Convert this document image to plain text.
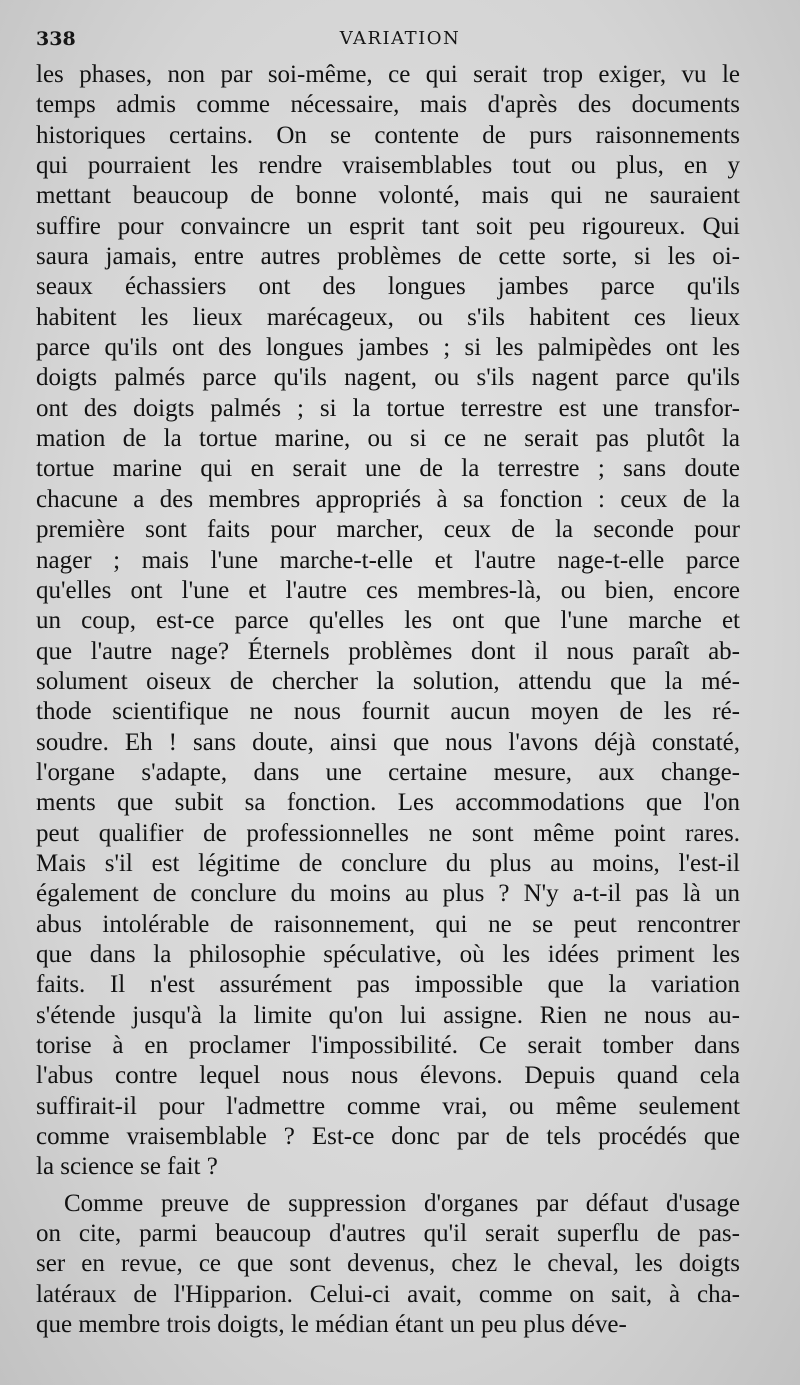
338	VARIATION
les phases, non par soi-même, ce qui serait trop exiger, vu le
temps admis comme nécessaire, mais d'après des documents
historiques certains. On se contente de purs raisonnements
qui pourraient les rendre vraisemblables tout ou plus, en y
mettant beaucoup de bonne volonté, mais qui ne sauraient
suffire pour convaincre un esprit tant soit peu rigoureux. Qui
saura jamais, entre autres problèmes de cette sorte, si les oi-
seaux échassiers ont des longues jambes parce qu'ils
habitent les lieux marécageux, ou s'ils habitent ces lieux
parce qu'ils ont des longues jambes ; si les palmipèdes ont les
doigts palmés parce qu'ils nagent, ou s'ils nagent parce qu'ils
ont des doigts palmés ; si la tortue terrestre est une transfor-
mation de la tortue marine, ou si ce ne serait pas plutôt la
tortue marine qui en serait une de la terrestre ; sans doute
chacune a des membres appropriés à sa fonction : ceux de la
première sont faits pour marcher, ceux de la seconde pour
nager ; mais l'une marche-t-elle et l'autre nage-t-elle parce
qu'elles ont l'une et l'autre ces membres-là, ou bien, encore
un coup, est-ce parce qu'elles les ont que l'une marche et
que l'autre nage? Éternels problèmes dont il nous paraît ab-
solument oiseux de chercher la solution, attendu que la mé-
thode scientifique ne nous fournit aucun moyen de les ré-
soudre. Eh ! sans doute, ainsi que nous l'avons déjà constaté,
l'organe s'adapte, dans une certaine mesure, aux change-
ments que subit sa fonction. Les accommodations que l'on
peut qualifier de professionnelles ne sont même point rares.
Mais s'il est légitime de conclure du plus au moins, l'est-il
également de conclure du moins au plus ? N'y a-t-il pas là un
abus intolérable de raisonnement, qui ne se peut rencontrer
que dans la philosophie spéculative, où les idées priment les
faits. Il n'est assurément pas impossible que la variation
s'étende jusqu'à la limite qu'on lui assigne. Rien ne nous au-
torise à en proclamer l'impossibilité. Ce serait tomber dans
l'abus contre lequel nous nous élevons. Depuis quand cela
suffirait-il pour l'admettre comme vrai, ou même seulement
comme vraisemblable ? Est-ce donc par de tels procédés que
la science se fait ?
Comme preuve de suppression d'organes par défaut d'usage
on cite, parmi beaucoup d'autres qu'il serait superflu de pas-
ser en revue, ce que sont devenus, chez le cheval, les doigts
latéraux de l'Hipparion. Celui-ci avait, comme on sait, à cha-
que membre trois doigts, le médian étant un peu plus déve-
